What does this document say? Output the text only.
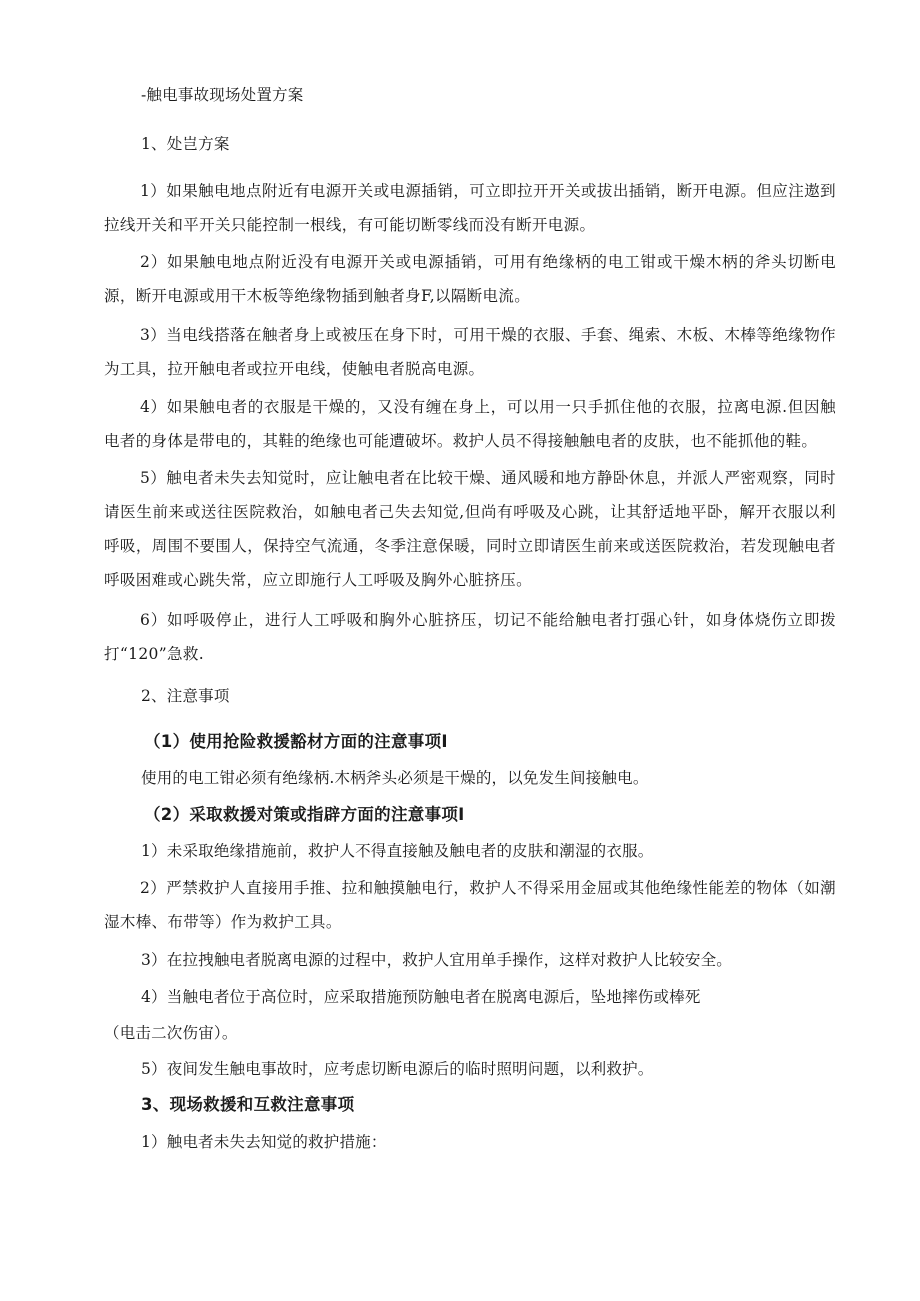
-触电事故现场处置方案
1、处岂方案
1）如果触电地点附近有电源开关或电源插销，可立即拉开开关或拔出插销，断开电源。但应注遨到拉线开关和平开关只能控制一根线，有可能切断零线而没有断开电源。
2）如果触电地点附近没有电源开关或电源插销，可用有绝缘柄的电工钳或干燥木柄的斧头切断电源，断开电源或用干木板等绝缘物插到触者身F,以隔断电流。
3）当电线搭落在触者身上或被压在身下时，可用干燥的衣服、手套、绳索、木板、木棒等绝缘物作为工具，拉开触电者或拉开电线，使触电者脱高电源。
4）如果触电者的衣服是干燥的，又没有缠在身上，可以用一只手抓住他的衣服，拉离电源.但因触电者的身体是带电的，其鞋的绝缘也可能遭破坏。救护人员不得接触触电者的皮肤，也不能抓他的鞋。
5）触电者未失去知觉时，应让触电者在比较干燥、通风暖和地方静卧休息，并派人严密观察，同时请医生前来或送往医院救治，如触电者己失去知觉,但尚有呼吸及心跳，让其舒适地平卧，解开衣服以利呼吸，周围不要围人，保持空气流通，冬季注意保暖，同时立即请医生前来或送医院救治，若发现触电者呼吸困难或心跳失常，应立即施行人工呼吸及胸外心脏挤压。
6）如呼吸停止，进行人工呼吸和胸外心脏挤压，切记不能给触电者打强心针，如身体烧伤立即拨打“120”急救.
2、注意事项
（1）使用抢险救援豁材方面的注意事项I
使用的电工钳必须有绝缘柄.木柄斧头必须是干燥的，以免发生间接触电。
（2）采取救援对策或指辟方面的注意事项I
1）未采取绝缘措施前，救护人不得直接触及触电者的皮肤和潮湿的衣服。
2）严禁救护人直接用手推、拉和触摸触电行，救护人不得采用金屈或其他绝缘性能差的物体（如潮湿木棒、布带等）作为救护工具。
3）在拉拽触电者脱离电源的过程中，救护人宜用单手操作，这样对救护人比较安全。
4）当触电者位于高位时，应采取措施预防触电者在脱离电源后，坠地摔伤或棒死
（电击二次伤宙）。
5）夜间发生触电事故时，应考虑切断电源后的临时照明问题，以利救护。
3、现场救援和互救注意事项
1）触电者未失去知觉的救护措施：
